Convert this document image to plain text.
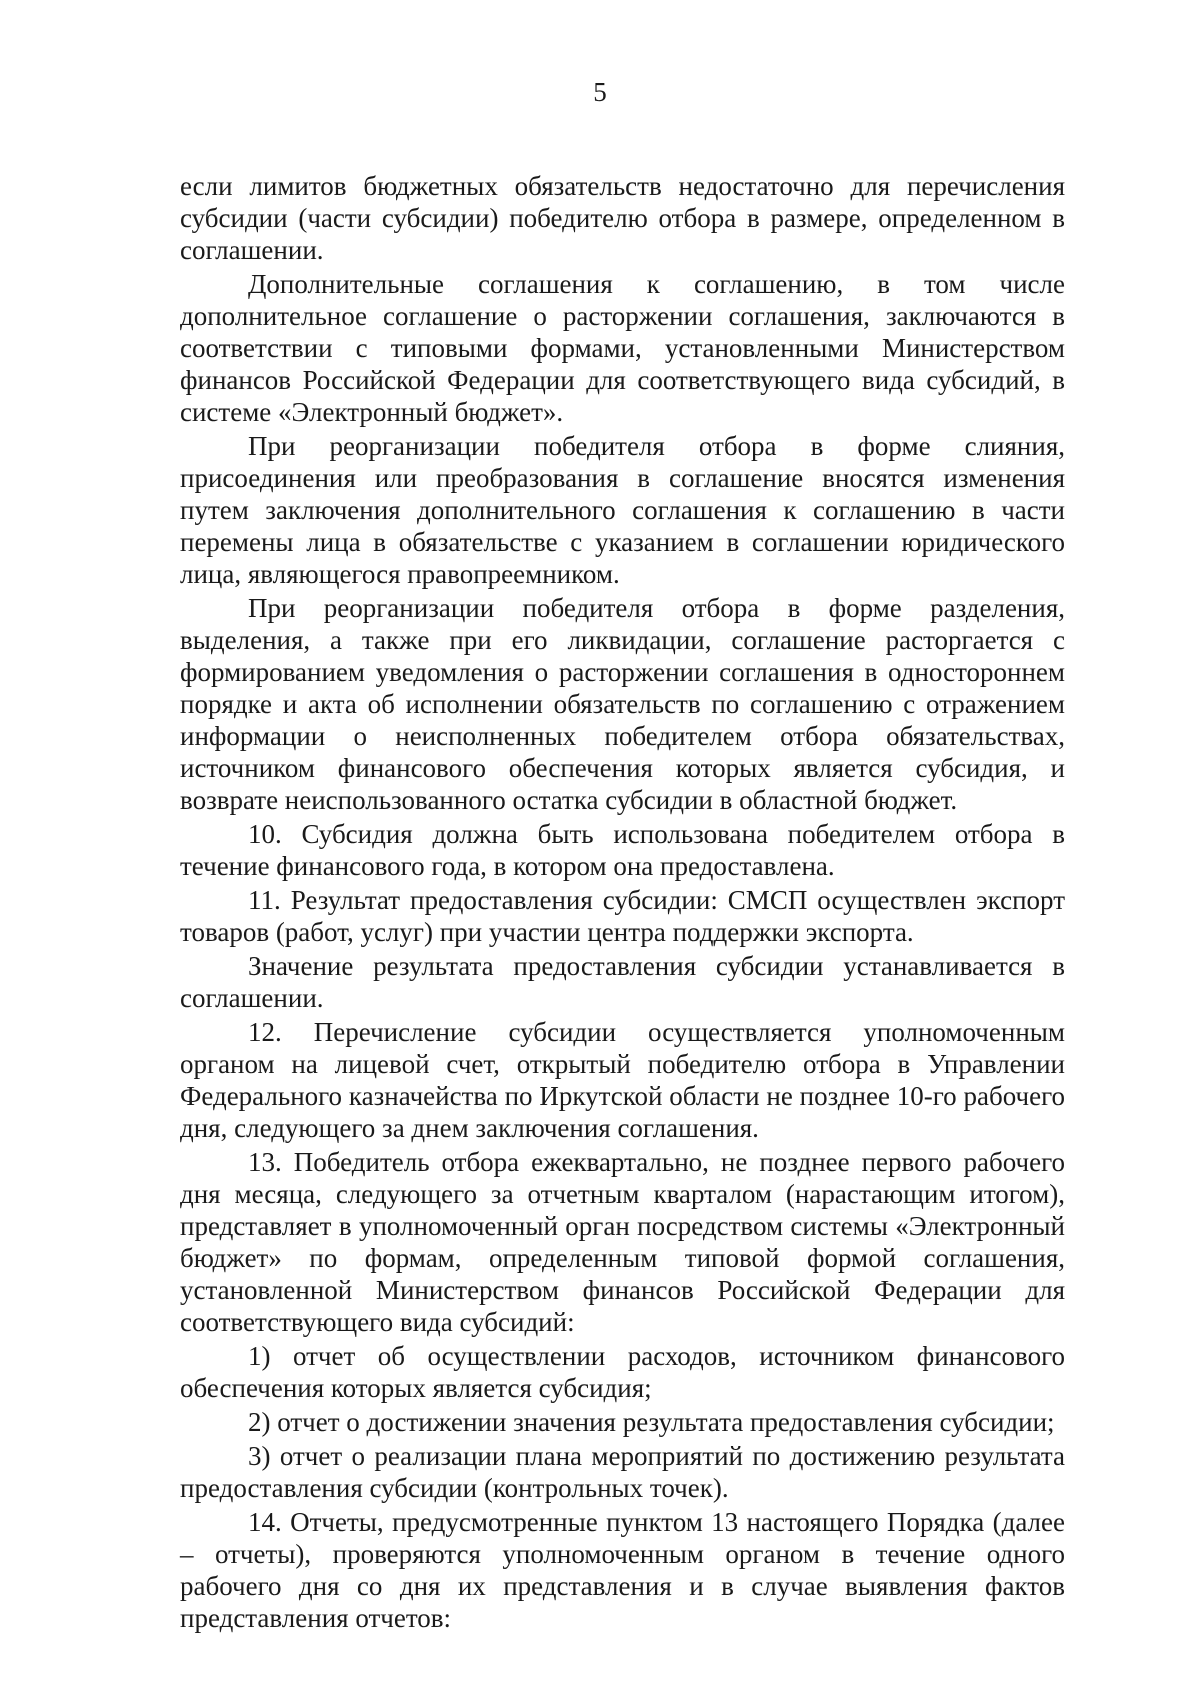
5

если лимитов бюджетных обязательств недостаточно для перечисления субсидии (части субсидии) победителю отбора в размере, определенном в соглашении.

Дополнительные соглашения к соглашению, в том числе дополнительное соглашение о расторжении соглашения, заключаются в соответствии с типовыми формами, установленными Министерством финансов Российской Федерации для соответствующего вида субсидий, в системе «Электронный бюджет».

При реорганизации победителя отбора в форме слияния, присоединения или преобразования в соглашение вносятся изменения путем заключения дополнительного соглашения к соглашению в части перемены лица в обязательстве с указанием в соглашении юридического лица, являющегося правопреемником.

При реорганизации победителя отбора в форме разделения, выделения, а также при его ликвидации, соглашение расторгается с формированием уведомления о расторжении соглашения в одностороннем порядке и акта об исполнении обязательств по соглашению с отражением информации о неисполненных победителем отбора обязательствах, источником финансового обеспечения которых является субсидия, и возврате неиспользованного остатка субсидии в областной бюджет.

10. Субсидия должна быть использована победителем отбора в течение финансового года, в котором она предоставлена.

11. Результат предоставления субсидии: СМСП осуществлен экспорт товаров (работ, услуг) при участии центра поддержки экспорта.

Значение результата предоставления субсидии устанавливается в соглашении.

12. Перечисление субсидии осуществляется уполномоченным органом на лицевой счет, открытый победителю отбора в Управлении Федерального казначейства по Иркутской области не позднее 10-го рабочего дня, следующего за днем заключения соглашения.

13. Победитель отбора ежеквартально, не позднее первого рабочего дня месяца, следующего за отчетным кварталом (нарастающим итогом), представляет в уполномоченный орган посредством системы «Электронный бюджет» по формам, определенным типовой формой соглашения, установленной Министерством финансов Российской Федерации для соответствующего вида субсидий:

1) отчет об осуществлении расходов, источником финансового обеспечения которых является субсидия;

2) отчет о достижении значения результата предоставления субсидии;

3) отчет о реализации плана мероприятий по достижению результата предоставления субсидии (контрольных точек).

14. Отчеты, предусмотренные пунктом 13 настоящего Порядка (далее – отчеты), проверяются уполномоченным органом в течение одного рабочего дня со дня их представления и в случае выявления фактов представления отчетов:
